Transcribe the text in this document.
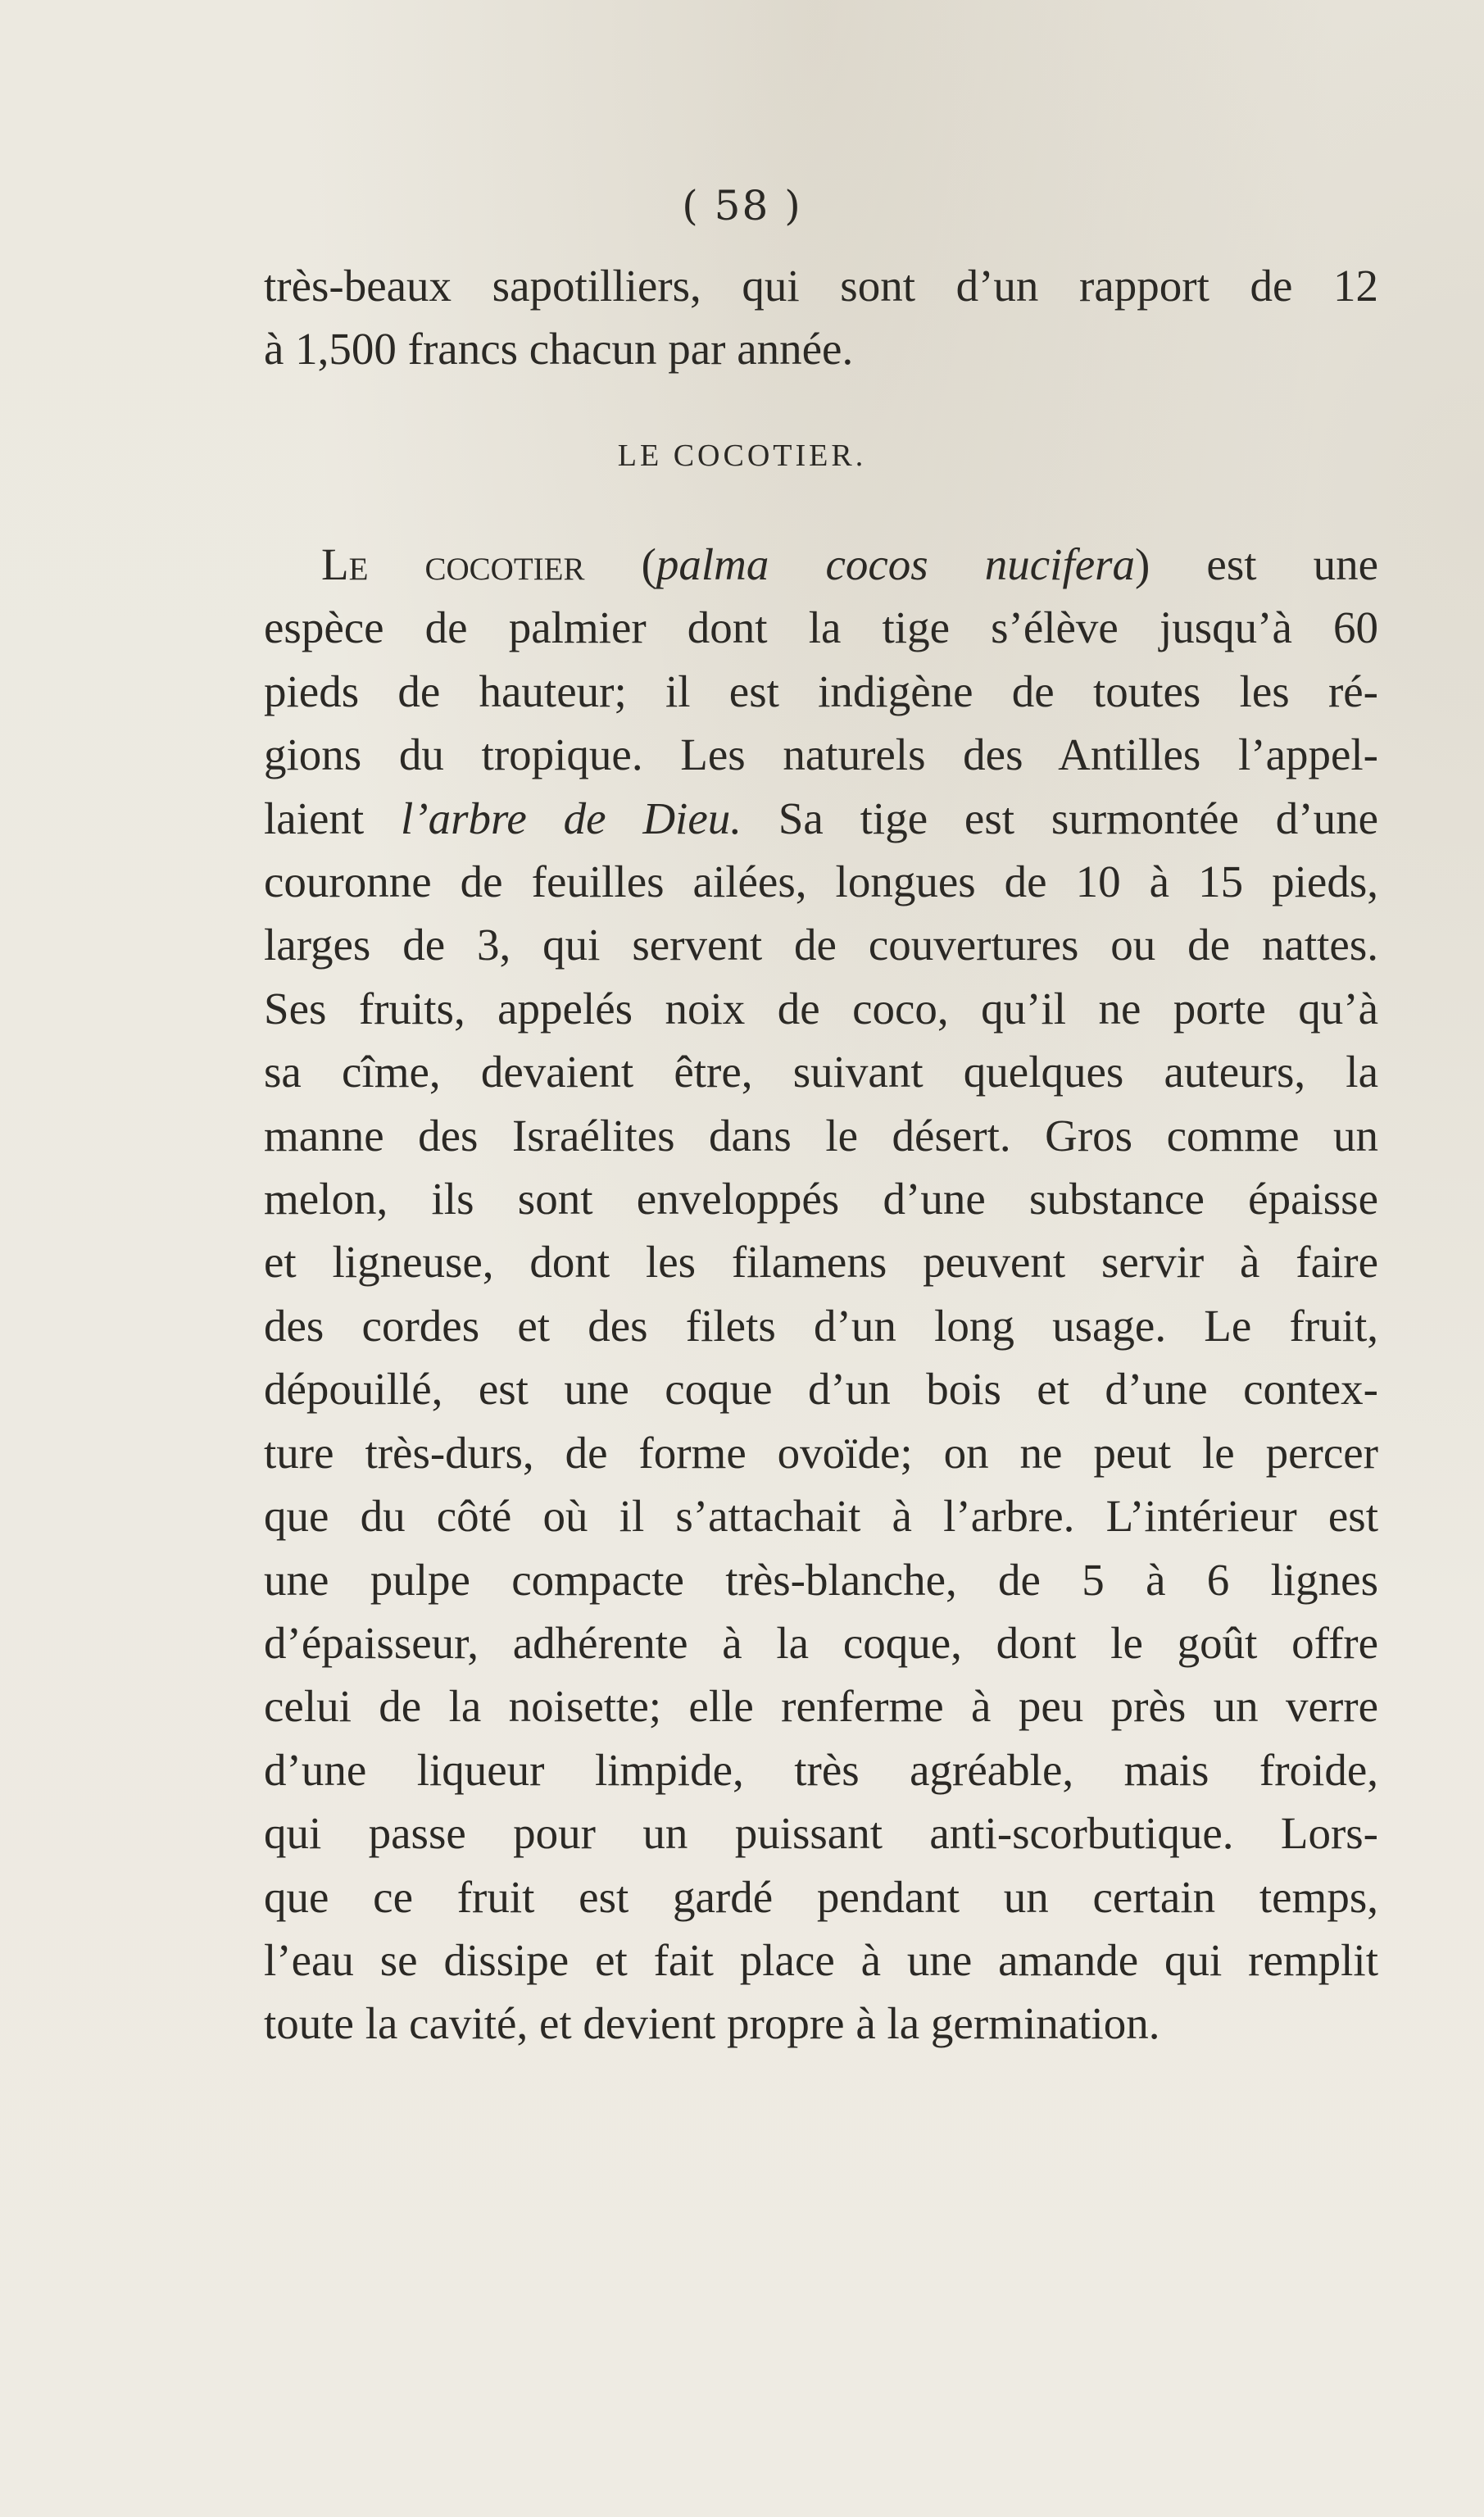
( 58 )
très-beaux sapotilliers, qui sont d’un rapport de 12
à 1,500 francs chacun par année.
LE COCOTIER.
Le cocotier (palma cocos nucifera) est une
espèce de palmier dont la tige s’élève jusqu’à 60
pieds de hauteur; il est indigène de toutes les ré-
gions du tropique. Les naturels des Antilles l’appel-
laient l’arbre de Dieu. Sa tige est surmontée d’une
couronne de feuilles ailées, longues de 10 à 15 pieds,
larges de 3, qui servent de couvertures ou de nattes.
Ses fruits, appelés noix de coco, qu’il ne porte qu’à
sa cîme, devaient être, suivant quelques auteurs, la
manne des Israélites dans le désert. Gros comme un
melon, ils sont enveloppés d’une substance épaisse
et ligneuse, dont les filamens peuvent servir à faire
des cordes et des filets d’un long usage. Le fruit,
dépouillé, est une coque d’un bois et d’une contex-
ture très-durs, de forme ovoïde; on ne peut le percer
que du côté où il s’attachait à l’arbre. L’intérieur est
une pulpe compacte très-blanche, de 5 à 6 lignes
d’épaisseur, adhérente à la coque, dont le goût offre
celui de la noisette; elle renferme à peu près un verre
d’une liqueur limpide, très agréable, mais froide,
qui passe pour un puissant anti-scorbutique. Lors-
que ce fruit est gardé pendant un certain temps,
l’eau se dissipe et fait place à une amande qui remplit
toute la cavité, et devient propre à la germination.
